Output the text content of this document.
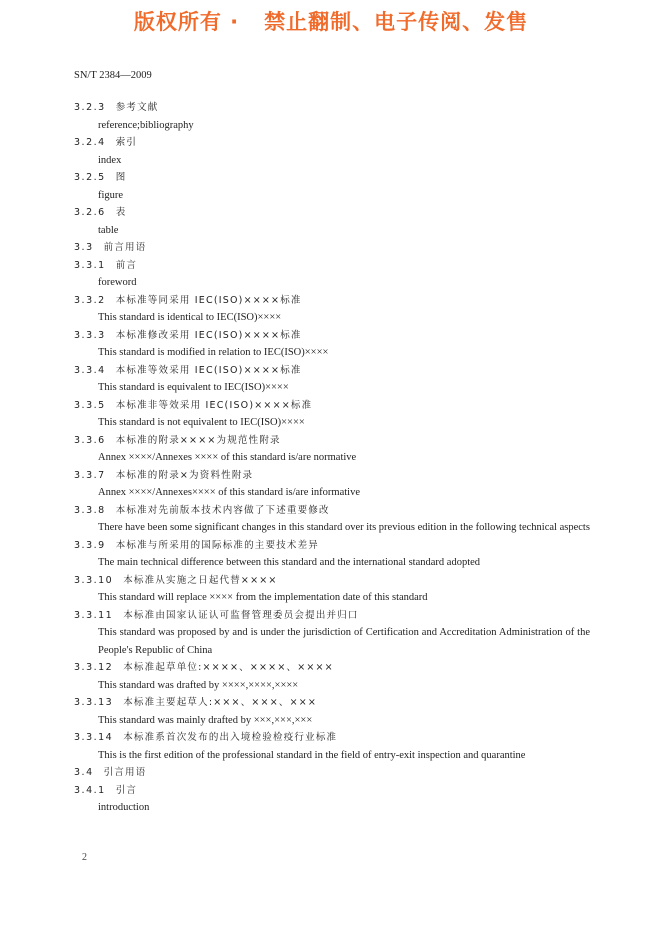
版权所有 ·   禁止翻制、电子传阅、发售
SN/T 2384—2009
3.2.3 参考文献
reference;bibliography
3.2.4 索引
index
3.2.5 图
figure
3.2.6 表
table
3.3 前言用语
3.3.1 前言
foreword
3.3.2 本标准等同采用 IEC(ISO)××××标准
This standard is identical to IEC(ISO)××××
3.3.3 本标准修改采用 IEC(ISO)××××标准
This standard is modified in relation to IEC(ISO)××××
3.3.4 本标准等效采用 IEC(ISO)××××标准
This standard is equivalent to IEC(ISO)××××
3.3.5 本标准非等效采用 IEC(ISO)××××标准
This standard is not equivalent to IEC(ISO)××××
3.3.6 本标准的附录××××为规范性附录
Annex ××××/Annexes ×××× of this standard is/are normative
3.3.7 本标准的附录×为资料性附录
Annex ××××/Annexes×××× of this standard is/are informative
3.3.8 本标准对先前版本技术内容做了下述重要修改
There have been some significant changes in this standard over its previous edition in the following technical aspects
3.3.9 本标准与所采用的国际标准的主要技术差异
The main technical difference between this standard and the international standard adopted
3.3.10 本标准从实施之日起代替××××
This standard will replace ×××× from the implementation date of this standard
3.3.11 本标准由国家认证认可监督管理委员会提出并归口
This standard was proposed by and is under the jurisdiction of Certification and Accreditation Administration of the People's Republic of China
3.3.12 本标准起草单位:××××、××××、××××
This standard was drafted by ××××,××××,××××
3.3.13 本标准主要起草人:×××、×××、×××
This standard was mainly drafted by ×××,×××,×××
3.3.14 本标准系首次发布的出入境检验检疫行业标准
This is the first edition of the professional standard in the field of entry-exit inspection and quarantine
3.4 引言用语
3.4.1 引言
introduction
2
